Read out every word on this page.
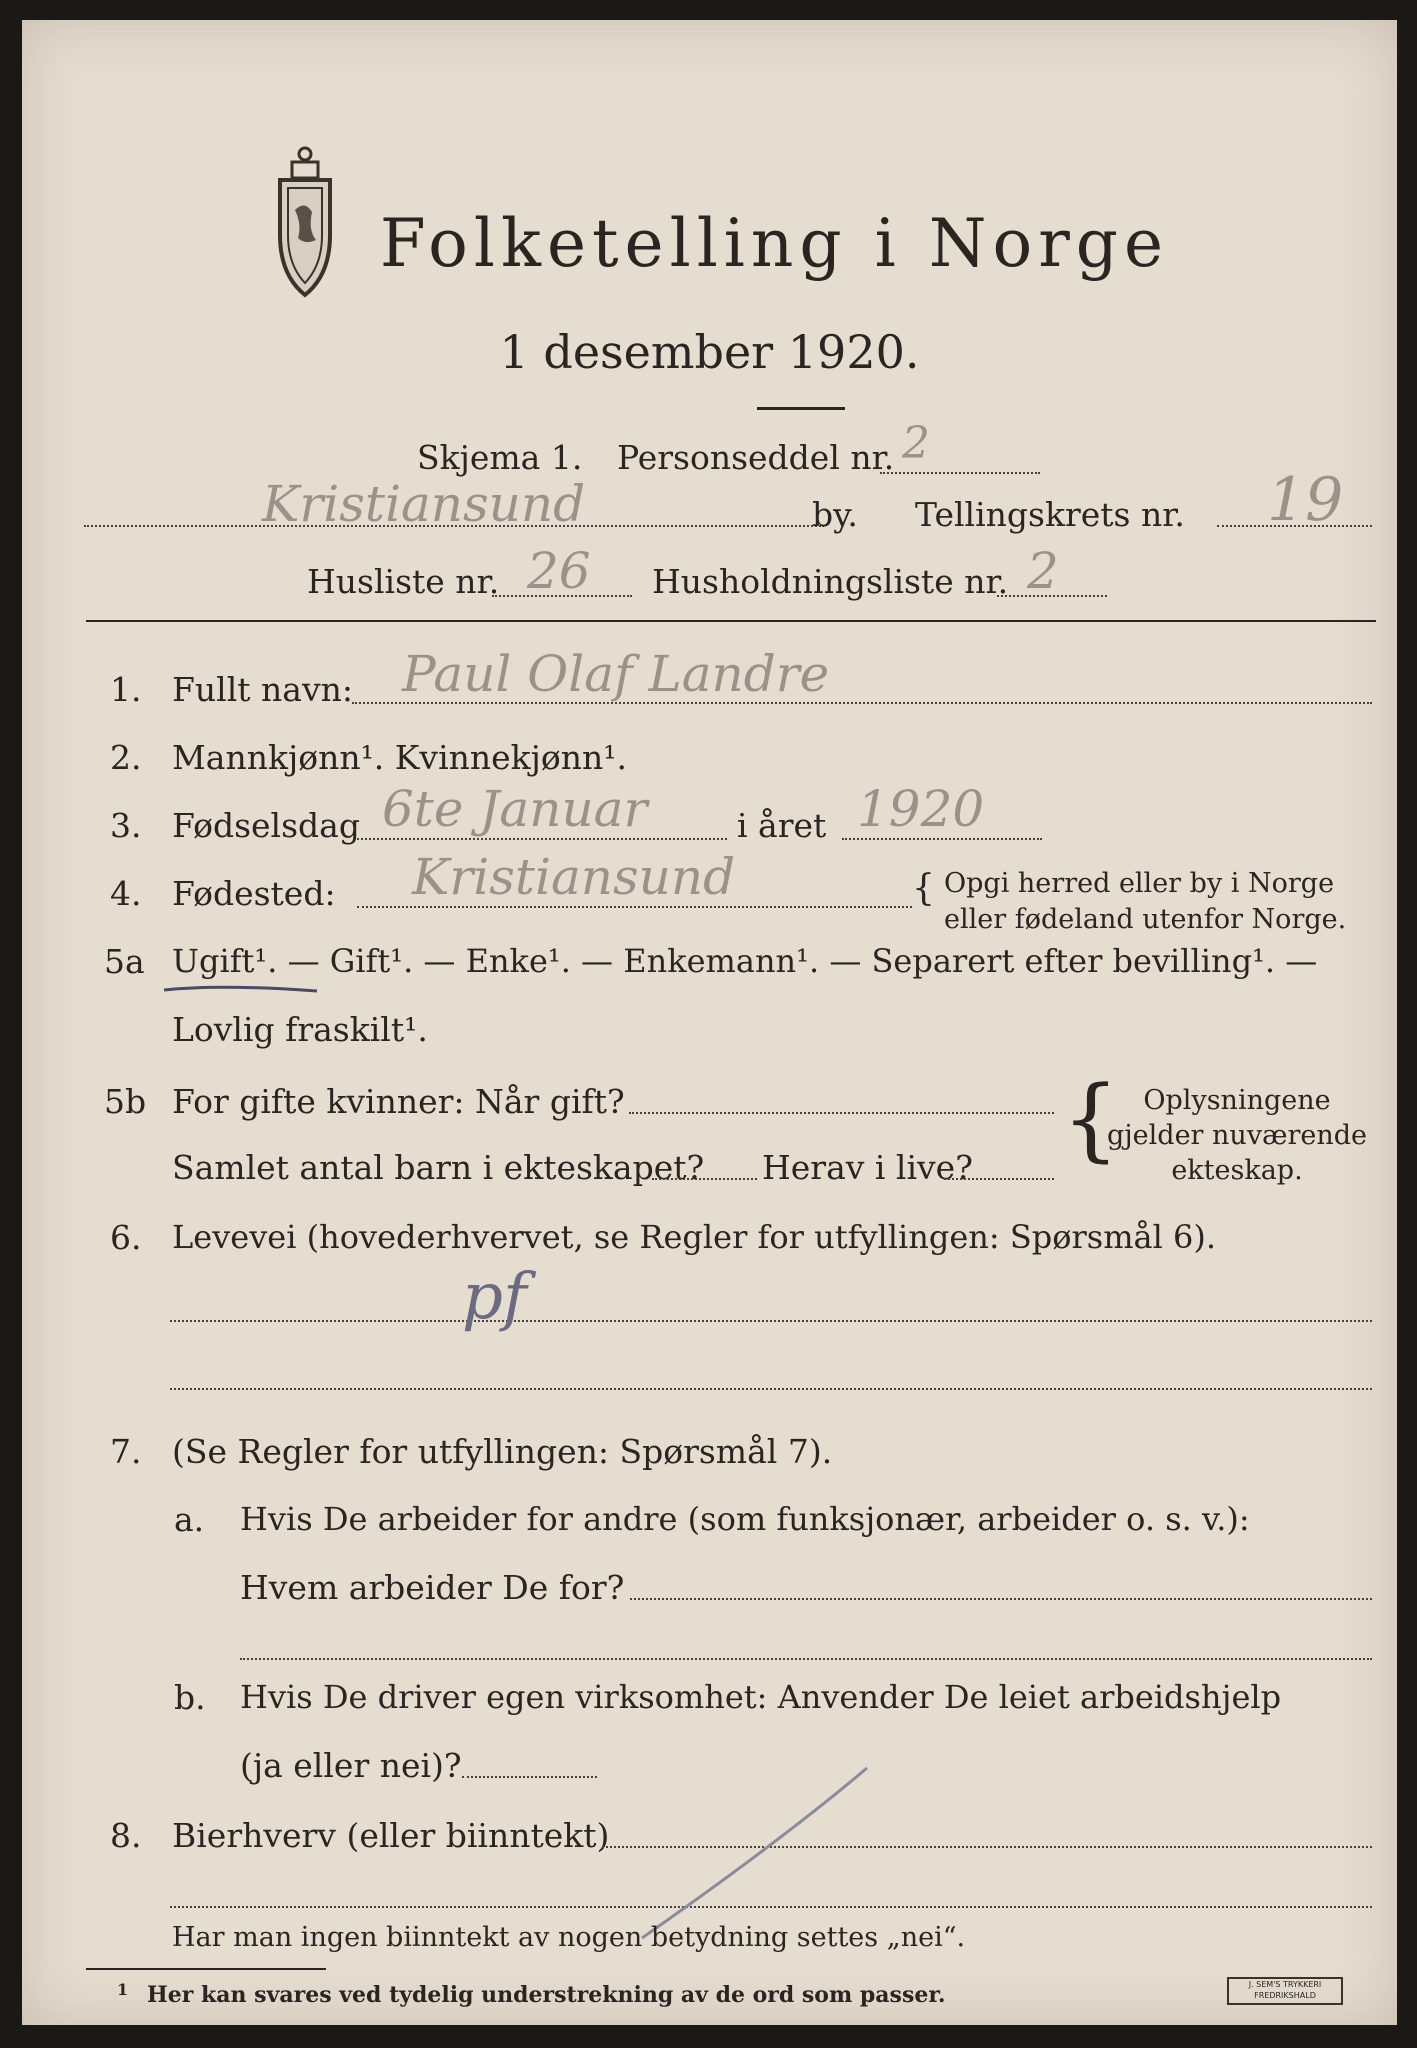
Folketelling i Norge
1 desember 1920.
Skjema 1. Personseddel nr. 2
Kristiansund	by. Tellingskrets nr. 19
Husliste nr. 26 Husholdningsliste nr. 2
1. Fullt navn: Paul Olaf Landre
2. Mannkjønn¹. Kvinnekjønn¹.
3. Fødselsdag 6te Januar	i året 1920
4. Fødested: Kristiansund	{ Opgi herred eller by i Norge
eller fødeland utenfor Norge.
5a Ugift¹. — Gift¹. — Enke¹. — Enkemann¹. — Separert efter bevilling¹. —
Lovlig fraskilt¹.
5b For gifte kvinner: Når gift?
Samlet antal barn i ekteskapet? Herav i live? { Oplysningene
gjelder nuværende
ekteskap.
6. Levevei (hovederhvervet, se Regler for utfyllingen: Spørsmål 6).
pf
7. (Se Regler for utfyllingen: Spørsmål 7).
a. Hvis De arbeider for andre (som funksjonær, arbeider o. s. v.):
Hvem arbeider De for?
b. Hvis De driver egen virksomhet: Anvender De leiet arbeidshjelp
(ja eller nei)?
8. Bierhverv (eller biinntekt)
Har man ingen biinntekt av nogen betydning settes „nei“.
1 Her kan svares ved tydelig understrekning av de ord som passer.	J. SEM'S TRYKKERI
FREDRIKSHALD
